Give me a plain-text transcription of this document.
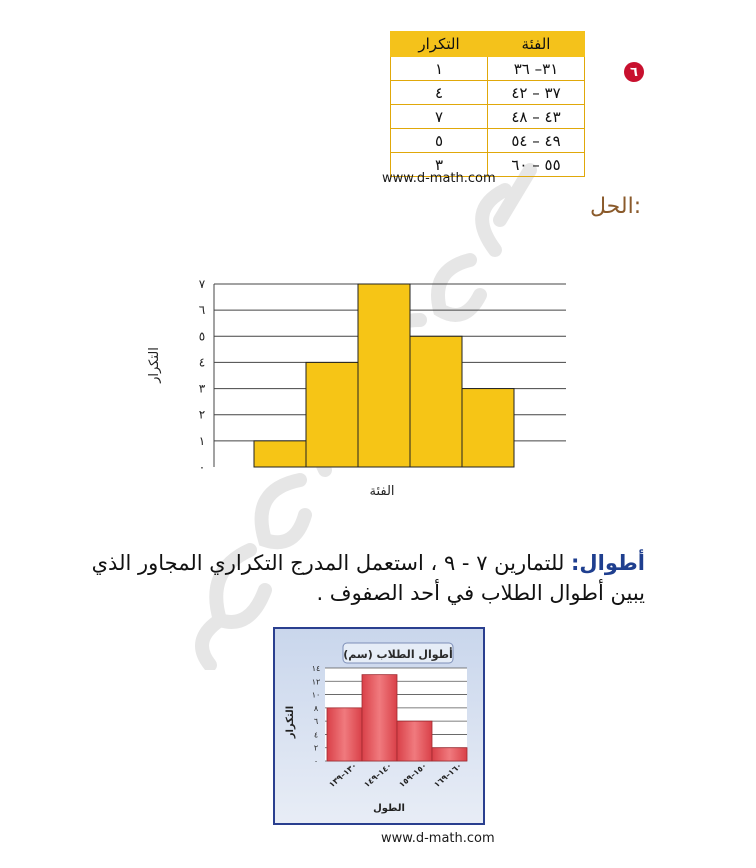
٦
الفئة	التكرار
٣١– ٣٦	١
٣٧ – ٤٢	٤
٤٣ – ٤٨	٧
٤٩ – ٥٤	٥
٥٥ – ٦٠	٣
www.d-math.com
الحل:
٠
١
٢
٣
٤
٥
٦
٧
التكرار
الفئة
أطوال: للتمارين ٧ - ٩ ، استعمل المدرج التكراري المجاور الذي يبين أطوال الطلاب في أحد الصفوف .
أطوال الطلاب (سم)
٠
٢
٤
٦
٨
١٠
١٢
١٤
١٣٠–١٣٩
١٤٠–١٤٩
١٥٠–١٥٩
١٦٠–١٦٩
التكرار
الطول
www.d-math.com
